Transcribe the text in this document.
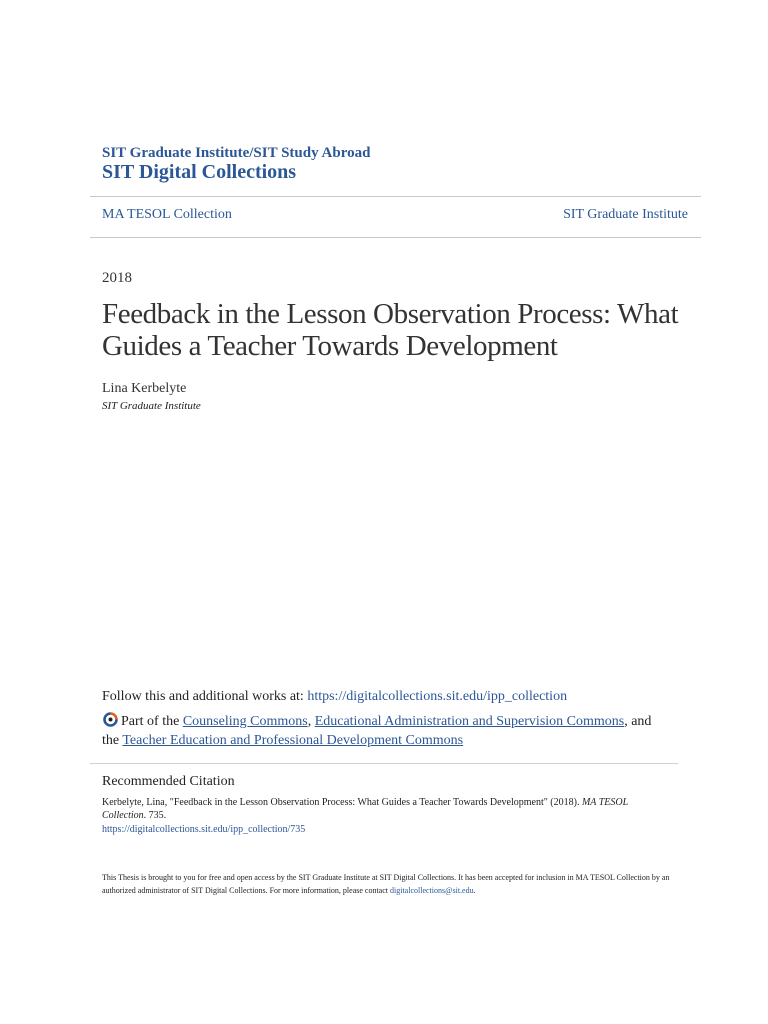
SIT Graduate Institute/SIT Study Abroad
SIT Digital Collections
MA TESOL Collection	SIT Graduate Institute
2018
Feedback in the Lesson Observation Process: What Guides a Teacher Towards Development
Lina Kerbelyte
SIT Graduate Institute
Follow this and additional works at: https://digitalcollections.sit.edu/ipp_collection
Part of the Counseling Commons, Educational Administration and Supervision Commons, and
the Teacher Education and Professional Development Commons
Recommended Citation
Kerbelyte, Lina, "Feedback in the Lesson Observation Process: What Guides a Teacher Towards Development" (2018). MA TESOL Collection. 735.
https://digitalcollections.sit.edu/ipp_collection/735
This Thesis is brought to you for free and open access by the SIT Graduate Institute at SIT Digital Collections. It has been accepted for inclusion in MA TESOL Collection by an authorized administrator of SIT Digital Collections. For more information, please contact digitalcollections@sit.edu.
